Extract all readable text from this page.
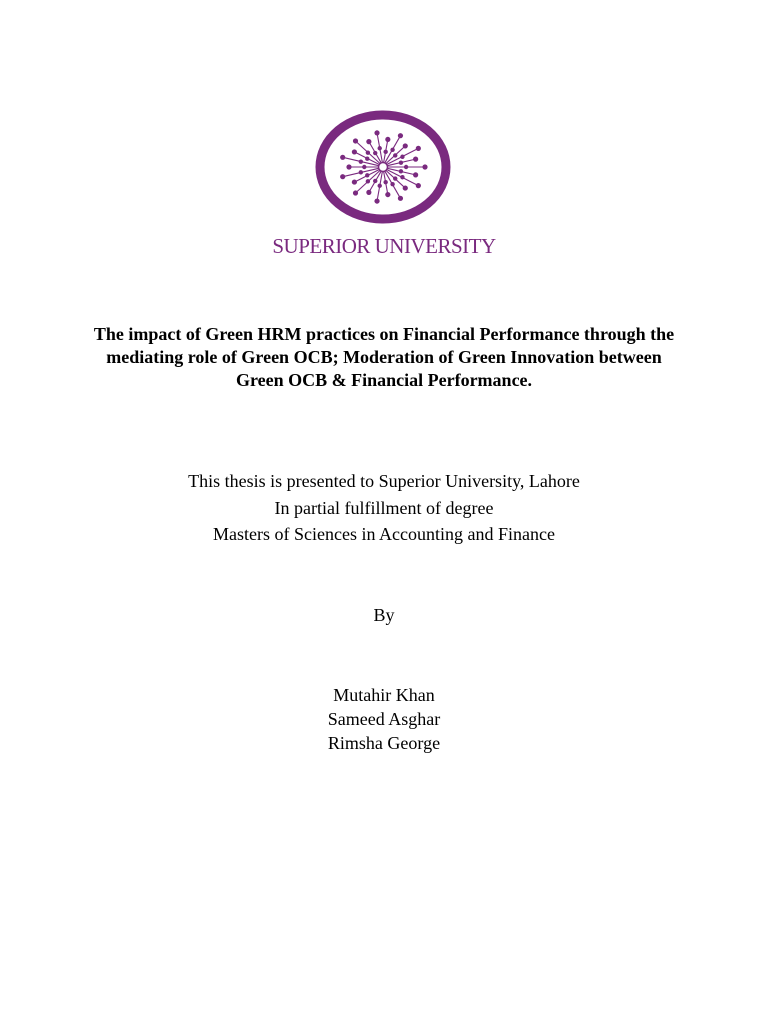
SUPERIOR UNIVERSITY
The impact of Green HRM practices on Financial Performance through the
mediating role of Green OCB; Moderation of Green Innovation between
Green OCB & Financial Performance.
This thesis is presented to Superior University, Lahore
In partial fulfillment of degree
Masters of Sciences in Accounting and Finance
By
Mutahir Khan
Sameed Asghar
Rimsha George
